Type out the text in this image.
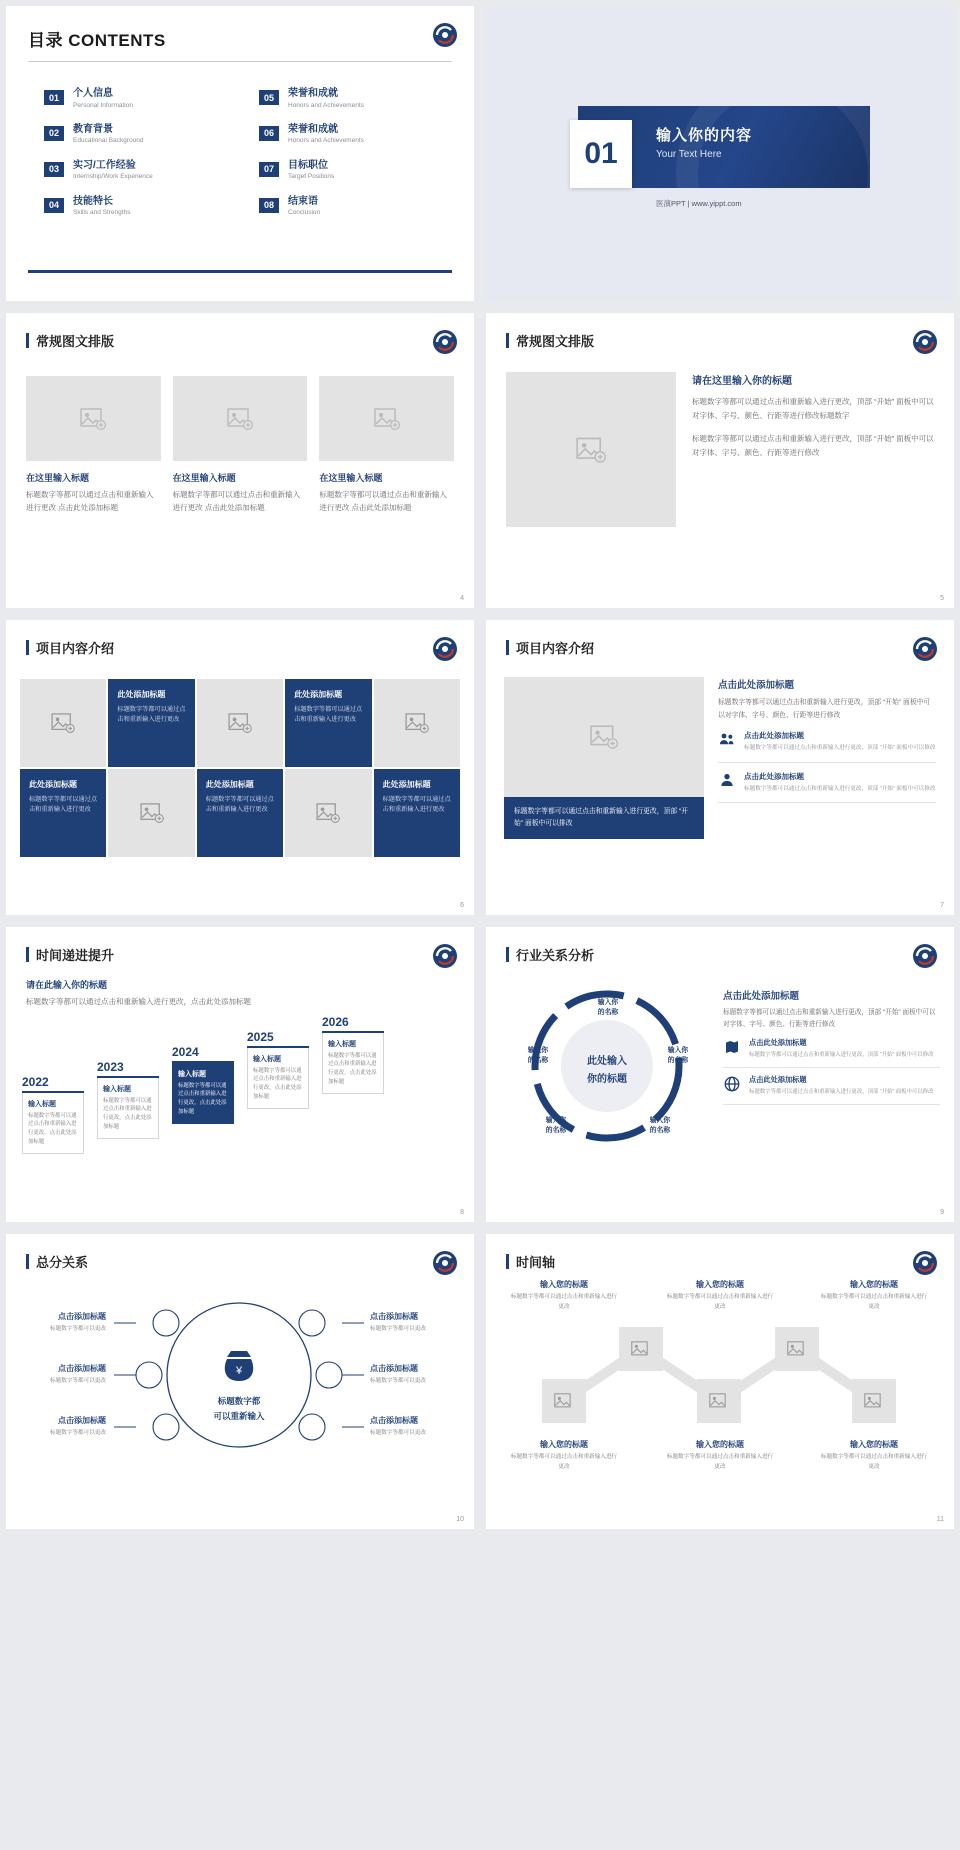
目录 CONTENTS
01	个人信息
Personal Information
05	荣誉和成就
Honors and Achievements
02	教育背景
Educational Background
06	荣誉和成就
Honors and Achievements
03	实习/工作经验
Internship/Work Experience
07	目标职位
Target Positions
04	技能特长
Skills and Strengths
08	结束语
Conclusion
01
输入你的内容
Your Text Here
医演PPT | www.yippt.com
常规图文排版
在这里输入标题
标题数字等都可以通过点击和重新输入进行更改 点击此处添加标题
在这里输入标题
标题数字等都可以通过点击和重新输入进行更改 点击此处添加标题
在这里输入标题
标题数字等都可以通过点击和重新输入进行更改 点击此处添加标题
4
常规图文排版
请在这里输入你的标题
标题数字等都可以通过点击和重新输入进行更改，顶部 “开始” 面板中可以对字体、字号、颜色、行距等进行修改标题数字
标题数字等都可以通过点击和重新输入进行更改，顶部 “开始” 面板中可以对字体、字号、颜色、行距等进行修改
5
项目内容介绍
此处添加标题
标题数字等都可以通过点击和重新输入进行更改
此处添加标题
标题数字等都可以通过点击和重新输入进行更改
此处添加标题
标题数字等都可以通过点击和重新输入进行更改
此处添加标题
标题数字等都可以通过点击和重新输入进行更改
此处添加标题
标题数字等都可以通过点击和重新输入进行更改
6
项目内容介绍
标题数字等都可以通过点击和重新输入进行更改，顶部 “开始” 面板中可以排改
点击此处添加标题
标题数字等都可以通过点击和重新输入进行更改，顶部 “开始” 面板中可以对字体、字号、颜色、行距等进行修改
点击此处添加标题
标题数字等都可以通过点击和重新输入进行更改，顶部 “开始” 面板中可以修改
点击此处添加标题
标题数字等都可以通过点击和重新输入进行更改，顶部 “开始” 面板中可以修改
7
时间递进提升
请在此输入你的标题
标题数字等都可以通过点击和重新输入进行更改，点击此处添加标题
2022
输入标题
标题数字等都可以通过点击和重新输入进行更改，点击此处添加标题
2023
输入标题
标题数字等都可以通过点击和重新输入进行更改，点击此处添加标题
2024
输入标题
标题数字等都可以通过点击和重新输入进行更改，点击此处添加标题
2025
输入标题
标题数字等都可以通过点击和重新输入进行更改，点击此处添加标题
2026
输入标题
标题数字等都可以通过点击和重新输入进行更改，点击此处添加标题
8
行业关系分析
此处输入
你的标题
输入你
的名称
输入你
的名称
输入你
的名称
输入你
的名称
输入你
的名称
点击此处添加标题
标题数字等都可以通过点击和重新输入进行更改，顶部 “开始” 面板中可以对字体、字号、颜色、行距等进行修改
点击此处添加标题
标题数字等都可以通过点击和重新输入进行更改，顶部 “开始” 面板中可以修改
点击此处添加标题
标题数字等都可以通过点击和重新输入进行更改，顶部 “开始” 面板中可以修改
9
总分关系
¥
点击添加标题
标题数字等都可以更改
点击添加标题
标题数字等都可以更改
点击添加标题
标题数字等都可以更改
点击添加标题
标题数字等都可以更改
点击添加标题
标题数字等都可以更改
点击添加标题
标题数字等都可以更改
标题数字都
可以重新输入
10
时间轴
输入您的标题
标题数字等都可以通过点击和重新输入进行更改
输入您的标题
标题数字等都可以通过点击和重新输入进行更改
输入您的标题
标题数字等都可以通过点击和重新输入进行更改
输入您的标题
标题数字等都可以通过点击和重新输入进行更改
输入您的标题
标题数字等都可以通过点击和重新输入进行更改
输入您的标题
标题数字等都可以通过点击和重新输入进行更改
11
